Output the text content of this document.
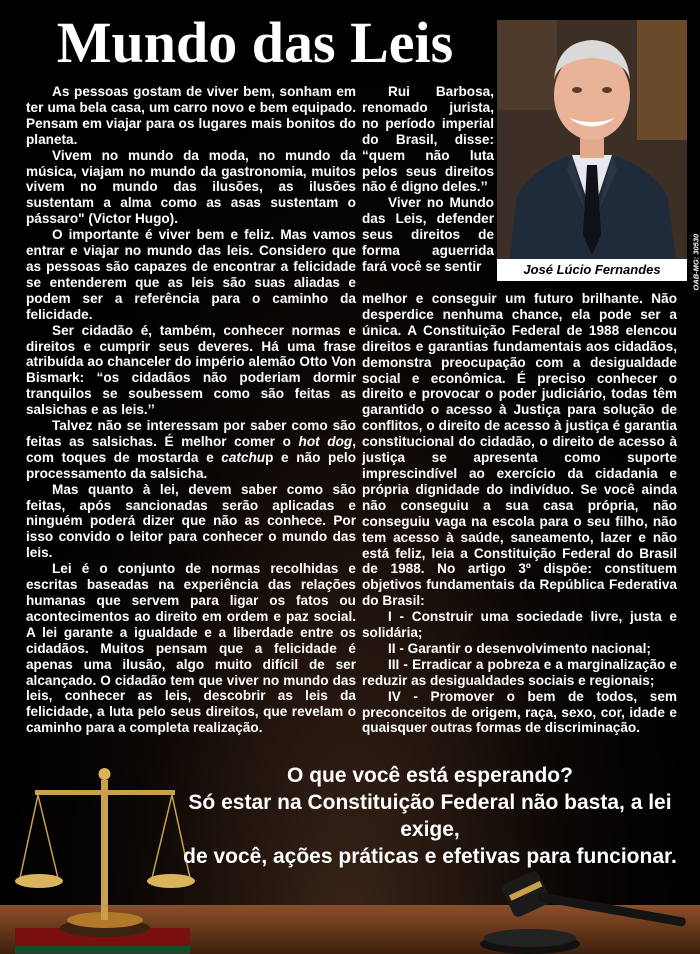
Mundo das Leis

As pessoas gostam de viver bem, sonham em ter uma bela casa, um carro novo e bem equipado. Pensam em viajar para os lugares mais bonitos do planeta.

Vivem no mundo da moda, no mundo da música, viajam no mundo da gastronomia, muitos vivem no mundo das ilusões, as ilusões sustentam a alma como as asas sustentam o pássaro" (Victor Hugo).

O importante é viver bem e feliz. Mas vamos entrar e viajar no mundo das leis. Considero que as pessoas são capazes de encontrar a felicidade se entenderem que as leis são suas aliadas e podem ser a referência para o caminho da felicidade.

Ser cidadão é, também, conhecer normas e direitos e cumprir seus deveres. Há uma frase atribuída ao chanceler do império alemão Otto Von Bismark: “os cidadãos não poderiam dormir tranquilos se soubessem como são feitas as salsichas e as leis.’’

Talvez não se interessam por saber como são feitas as salsichas. É melhor comer o hot dog, com toques de mostarda e catchup e não pelo processamento da salsicha.

Mas quanto à lei, devem saber como são feitas, após sancionadas serão aplicadas e ninguém poderá dizer que não as conhece. Por isso convido o leitor para conhecer o mundo das leis.

Lei é o conjunto de normas recolhidas e escritas baseadas na experiência das relações humanas que servem para ligar os fatos ou acontecimentos ao direito em ordem e paz social. A lei garante a igualdade e a liberdade entre os cidadãos. Muitos pensam que a felicidade é apenas uma ilusão, algo muito difícil de ser alcançado. O cidadão tem que viver no mundo das leis, conhecer as leis, descobrir as leis da felicidade, a luta pelo seus direitos, que revelam o caminho para a completa realização.

Rui Barbosa, renomado jurista, no período imperial do Brasil, disse: “quem não luta pelos seus direitos não é digno deles.’’

Viver no Mundo das Leis, defender seus direitos de forma aguerrida fará você se sentir	José Lúcio Fernandes	OAB-MG: 30530

melhor e conseguir um futuro brilhante. Não desperdice nenhuma chance, ela pode ser a única. A Constituição Federal de 1988 elencou direitos e garantias fundamentais aos cidadãos, demonstra preocupação com a desigualdade social e econômica. É preciso conhecer o direito e provocar o poder judiciário, todas têm garantido o acesso à Justiça para solução de conflitos, o direito de acesso à justiça é garantia constitucional do cidadão, o direito de acesso à justiça se apresenta como suporte imprescindível ao exercício da cidadania e própria dignidade do indivíduo. Se você ainda não conseguiu a sua casa própria, não conseguiu vaga na escola para o seu filho, não tem acesso à saúde, saneamento, lazer e não está feliz, leia a Constituição Federal do Brasil de 1988. No artigo 3º dispõe: constituem objetivos fundamentais da República Federativa do Brasil:

I - Construir uma sociedade livre, justa e solidária;

II - Garantir o desenvolvimento nacional;

III - Erradicar a pobreza e a marginalização e reduzir as desigualdades sociais e regionais;

IV - Promover o bem de todos, sem preconceitos de origem, raça, sexo, cor, idade e quaisquer outras formas de discriminação.

O que você está esperando?
Só estar na Constituição Federal não basta, a lei exige,
de você, ações práticas e efetivas para funcionar.
